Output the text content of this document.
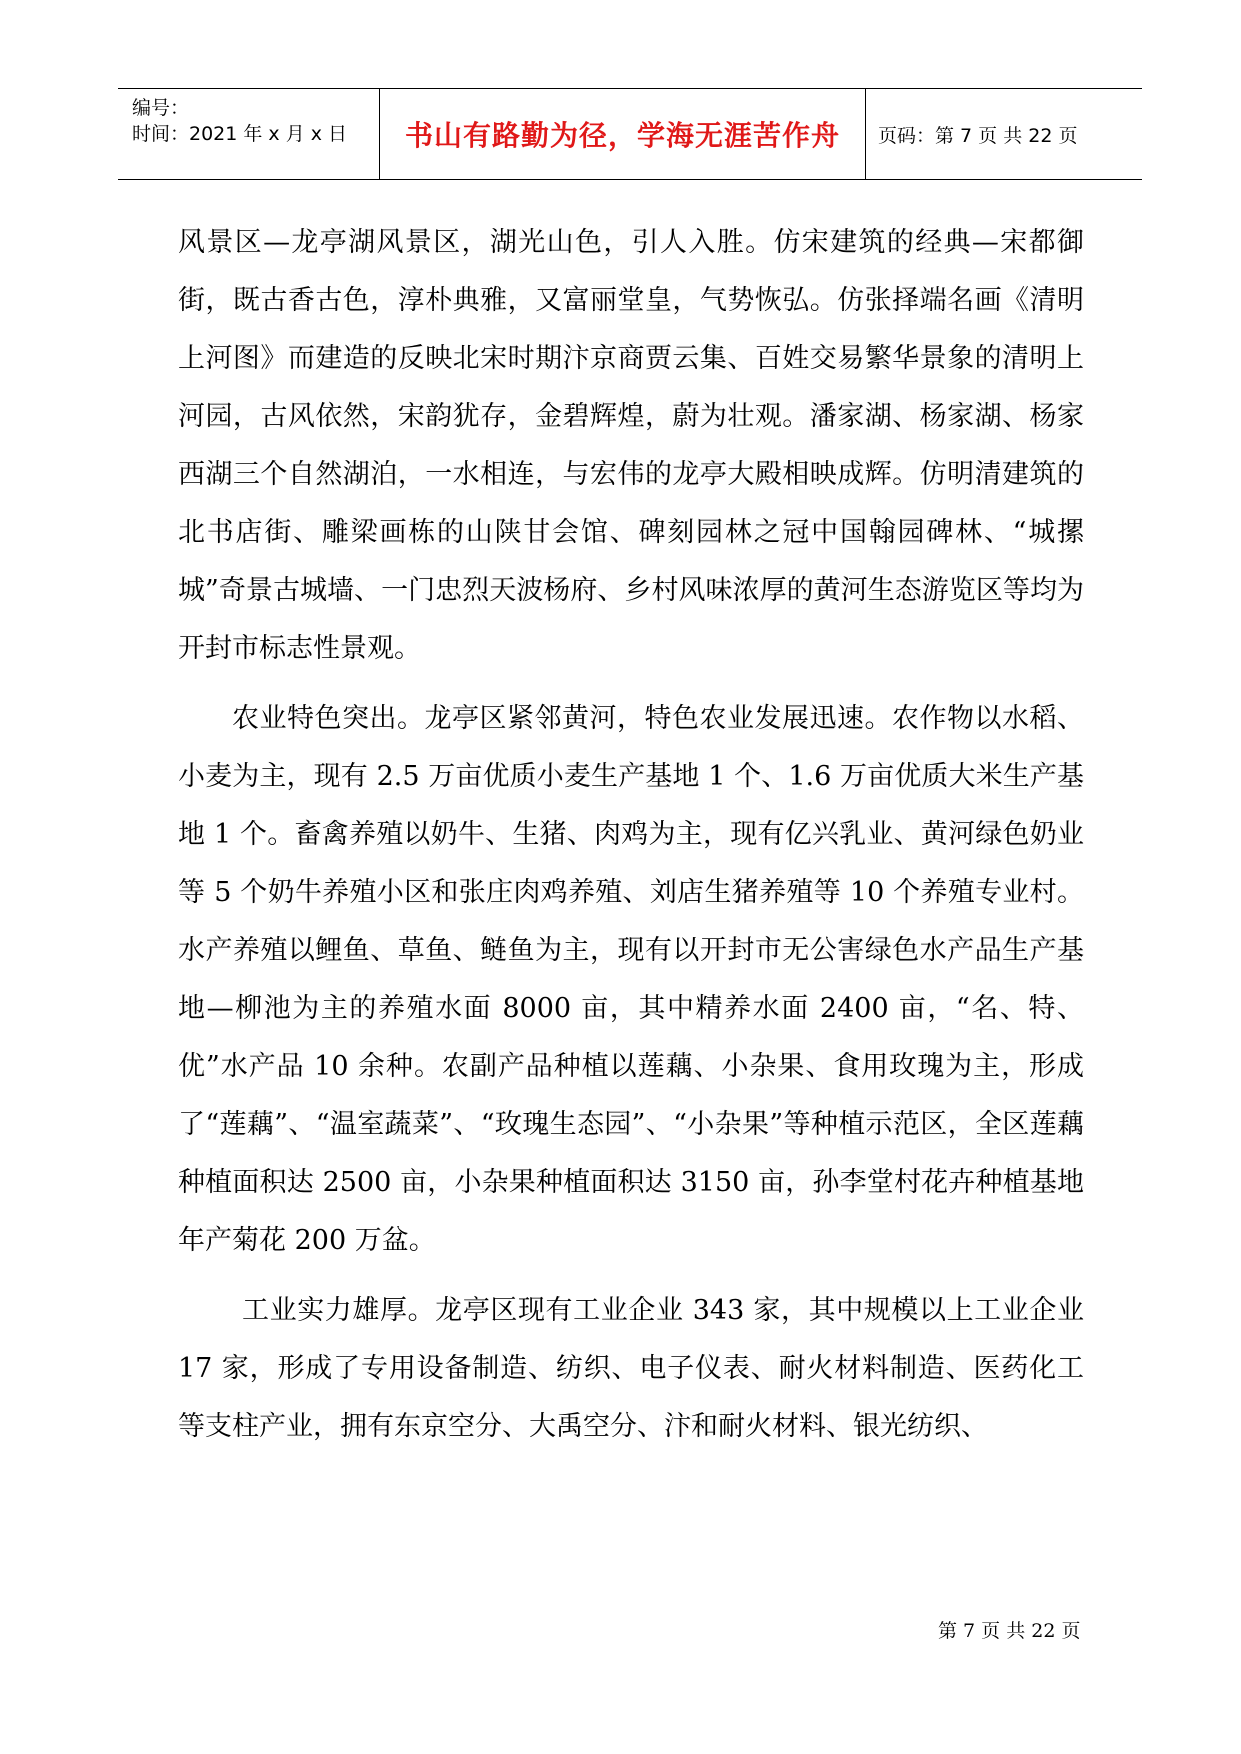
编号：
时间：2021 年 x 月 x 日 书山有路勤为径，学海无涯苦作舟 页码：第 7 页 共 22 页

风景区—龙亭湖风景区，湖光山色，引人入胜。仿宋建筑的经典—宋都御街，既古香古色，淳朴典雅，又富丽堂皇，气势恢弘。仿张择端名画《清明上河图》而建造的反映北宋时期汴京商贾云集、百姓交易繁华景象的清明上河园，古风依然，宋韵犹存，金碧辉煌，蔚为壮观。潘家湖、杨家湖、杨家西湖三个自然湖泊，一水相连，与宏伟的龙亭大殿相映成辉。仿明清建筑的北书店街、雕梁画栋的山陕甘会馆、碑刻园林之冠中国翰园碑林、“城摞城”奇景古城墙、一门忠烈天波杨府、乡村风味浓厚的黄河生态游览区等均为开封市标志性景观。

农业特色突出。龙亭区紧邻黄河，特色农业发展迅速。农作物以水稻、小麦为主，现有 2.5 万亩优质小麦生产基地 1 个、1.6 万亩优质大米生产基地 1 个。畜禽养殖以奶牛、生猪、肉鸡为主，现有亿兴乳业、黄河绿色奶业等 5 个奶牛养殖小区和张庄肉鸡养殖、刘店生猪养殖等 10 个养殖专业村。水产养殖以鲤鱼、草鱼、鲢鱼为主，现有以开封市无公害绿色水产品生产基地—柳池为主的养殖水面 8000 亩，其中精养水面 2400 亩，“名、特、优”水产品 10 余种。农副产品种植以莲藕、小杂果、食用玫瑰为主，形成了“莲藕”、“温室蔬菜”、“玫瑰生态园”、“小杂果”等种植示范区，全区莲藕种植面积达 2500 亩，小杂果种植面积达 3150 亩，孙李堂村花卉种植基地年产菊花 200 万盆。

工业实力雄厚。龙亭区现有工业企业 343 家，其中规模以上工业企业 17 家，形成了专用设备制造、纺织、电子仪表、耐火材料制造、医药化工等支柱产业，拥有东京空分、大禹空分、汴和耐火材料、银光纺织、

第 7 页 共 22 页
